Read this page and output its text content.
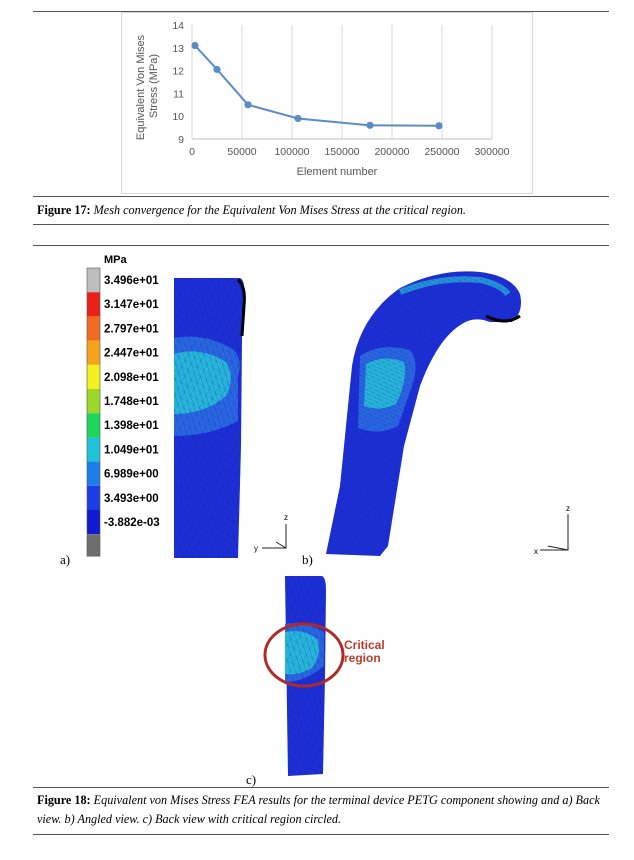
0	50000 100000 150000 200000 250000 300000
9
10
11
12
13
14
Element number
Equivalent Von Mises Stress (MPa)
Figure 17: Mesh convergence for the Equivalent Von Mises Stress at the critical region.
MPa
3.496e+01
3.147e+01
2.797e+01
2.447e+01
2.098e+01
1.748e+01
1.398e+01
1.049e+01
6.989e+00
3.493e+00
-3.882e-03	z
y
z
x
Critical
region
a)	b)
c)
Figure 18: Equivalent von Mises Stress FEA results for the terminal device PETG component showing and a) Back view. b) Angled view. c) Back view with critical region circled.
